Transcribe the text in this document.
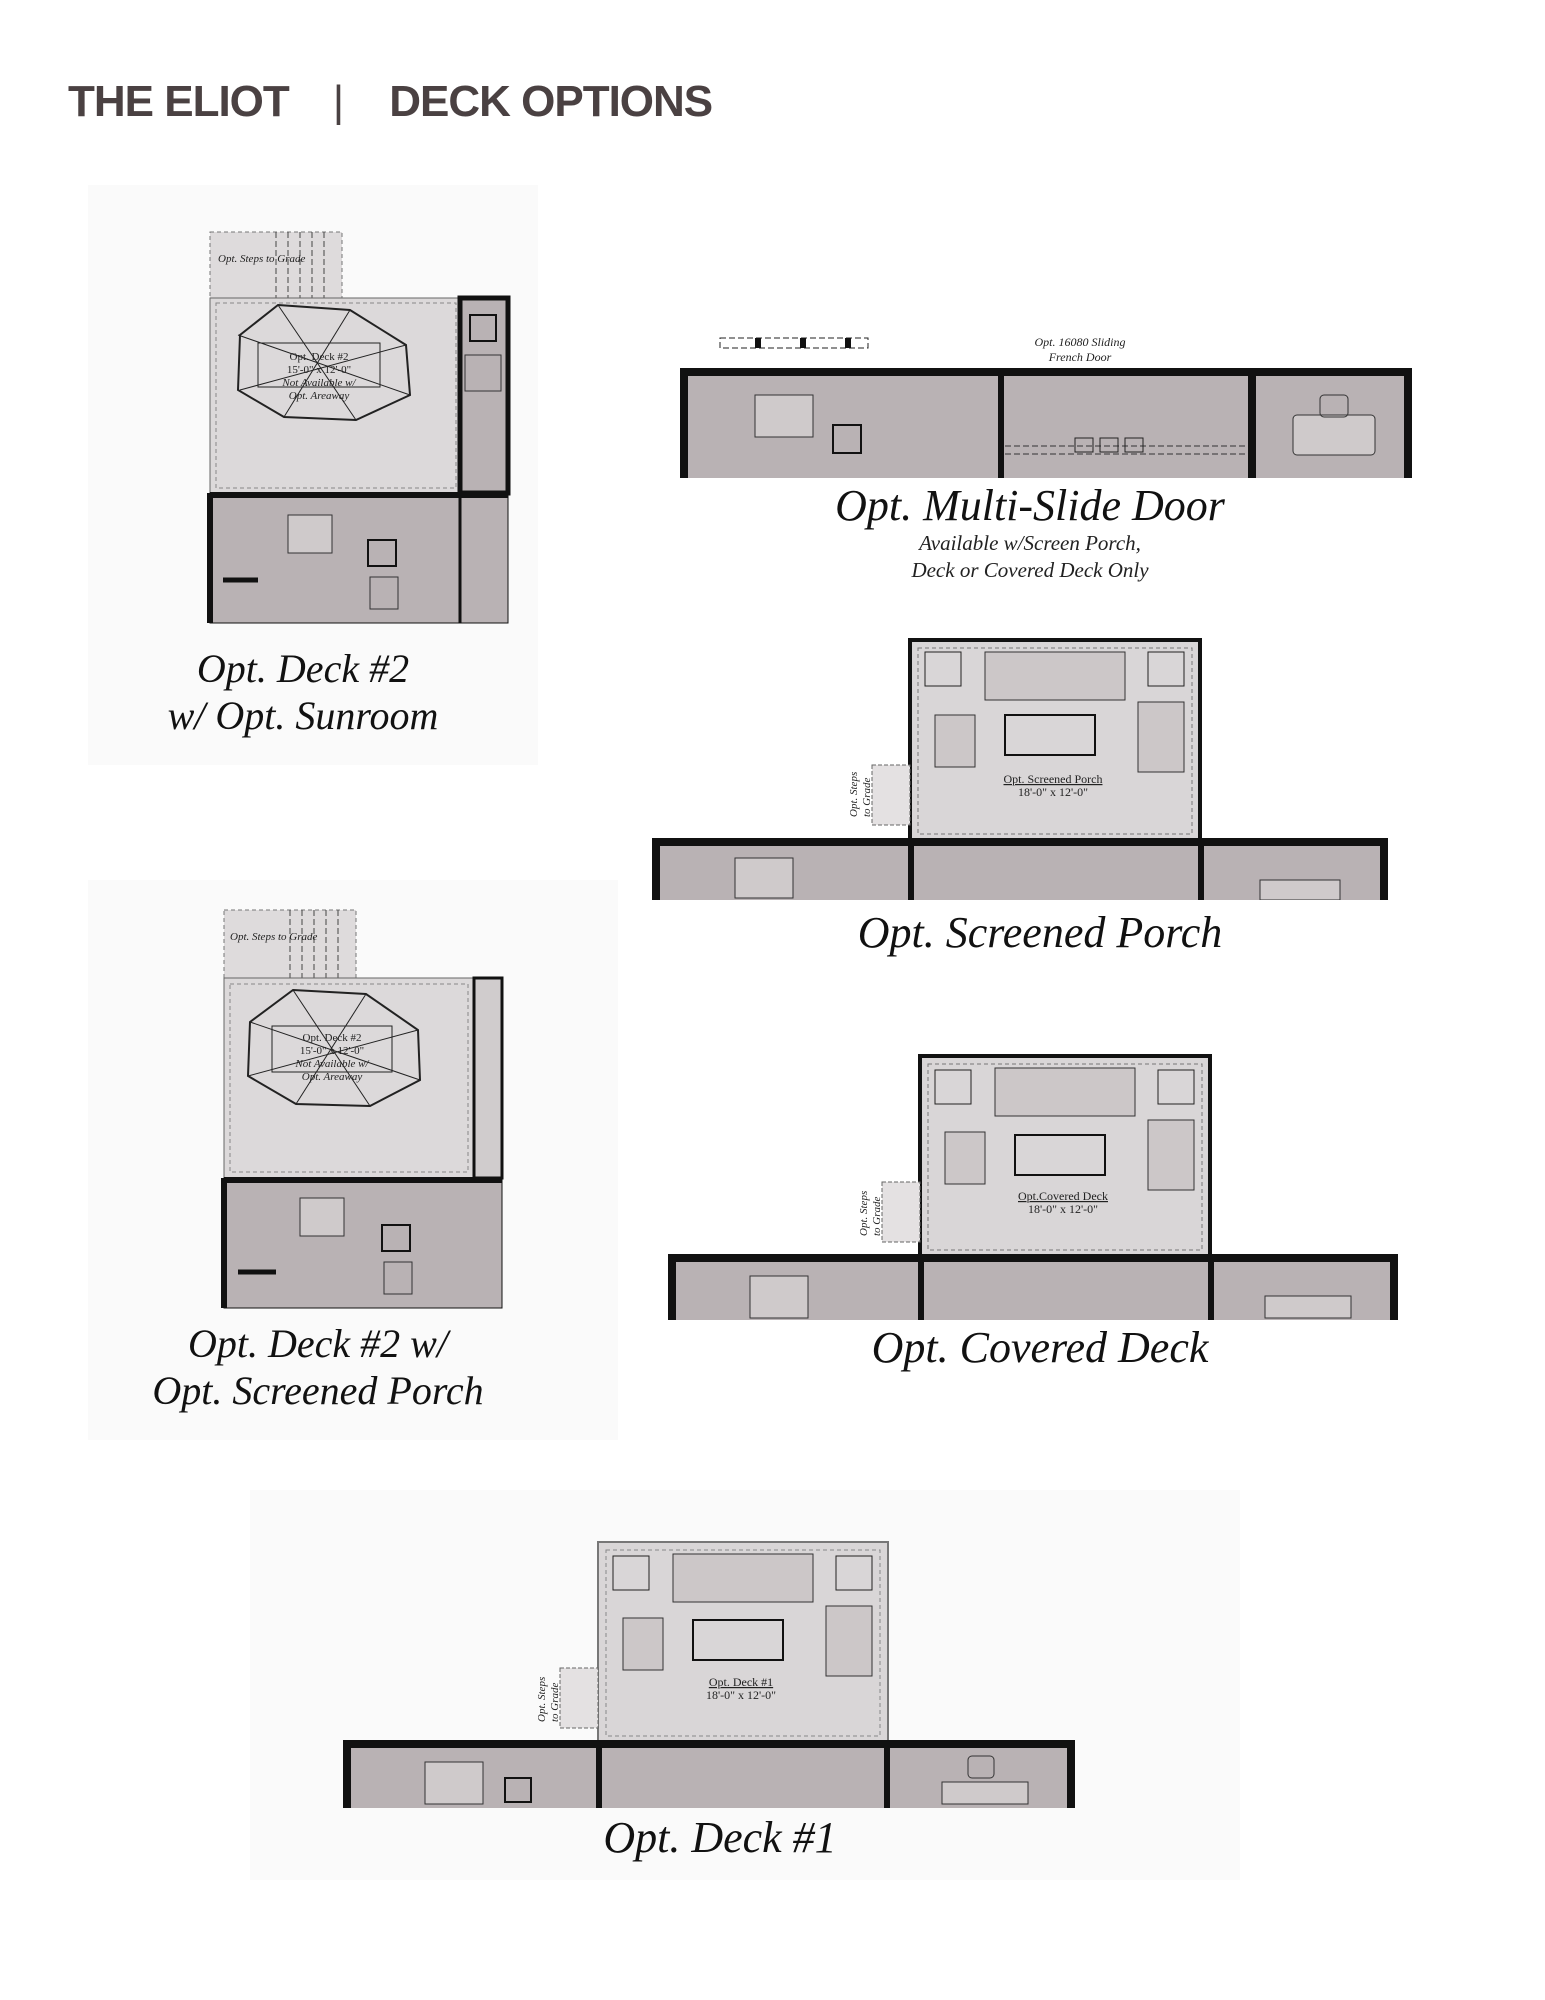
THE ELIOT | DECK OPTIONS
Opt. Steps to Grade
Opt. Deck #2
15'-0" x 12'-0"
Not Available w/
Opt. Areaway
Opt. Deck #2
w/ Opt. Sunroom
Opt. 16080 Sliding
French Door
Opt. Multi-Slide Door
Available w/Screen Porch,
Deck or Covered Deck Only
Opt. Screened Porch
18'-0" x 12'-0"
Opt. Steps to Grade
Opt. Screened Porch
Opt. Steps to Grade
Opt. Deck #2
15'-0" x 12'-0"
Not Available w/
Opt. Areaway
Opt. Deck #2 w/
Opt. Screened Porch
Opt.Covered Deck
18'-0" x 12'-0"
Opt. Steps to Grade
Opt. Covered Deck
Opt. Deck #1
18'-0" x 12'-0"
Opt. Steps to Grade
Opt. Deck #1
